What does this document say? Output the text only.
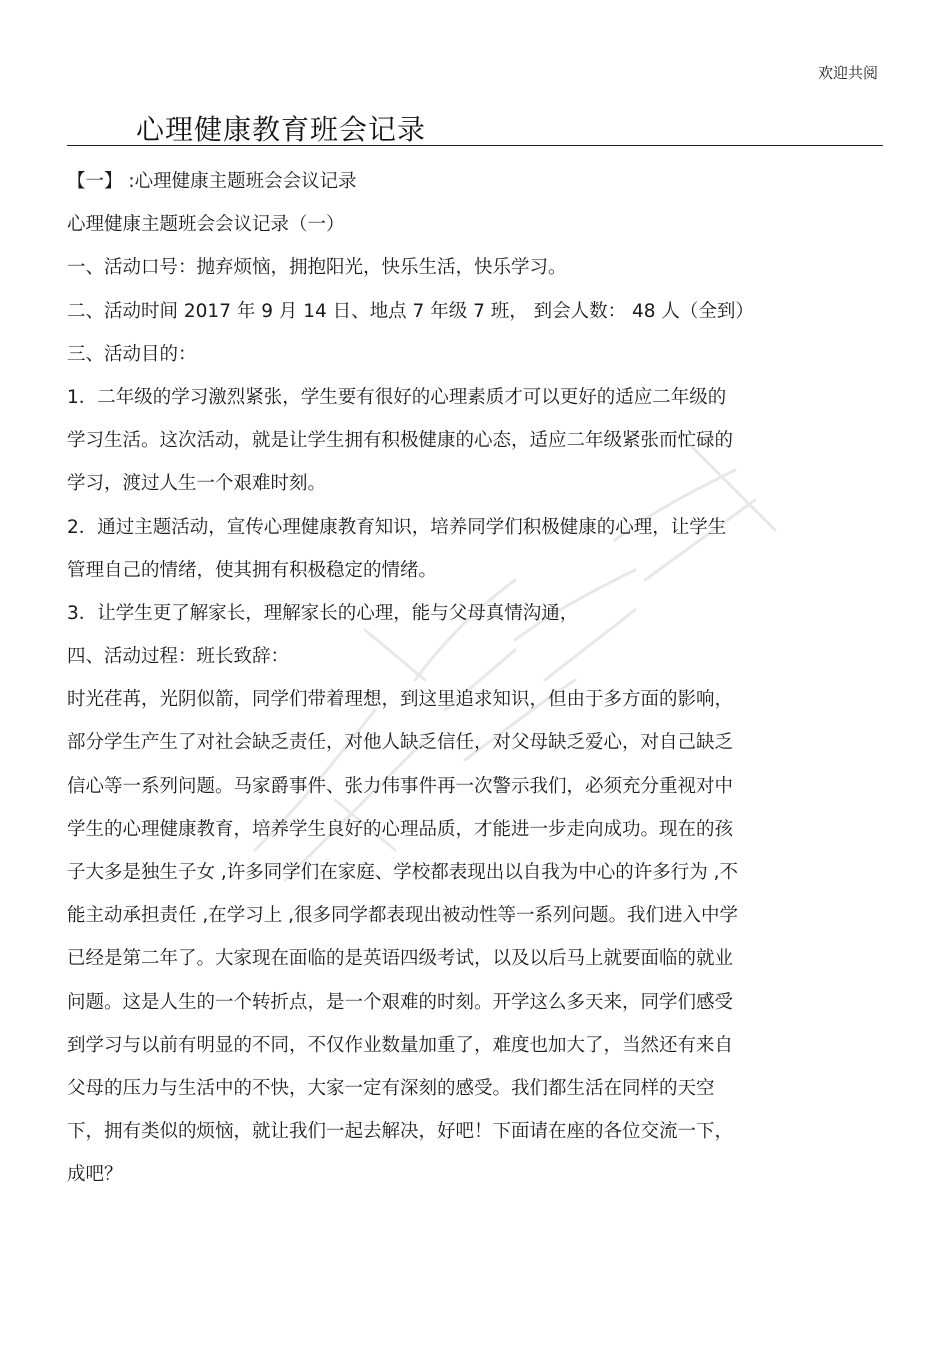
欢迎共阅
心理健康教育班会记录
【一】 :心理健康主题班会会议记录
心理健康主题班会会议记录（一）
一、活动口号：抛弃烦恼，拥抱阳光，快乐生活，快乐学习。
二、活动时间 2017 年 9 月 14 日、地点 7 年级 7 班， 到会人数： 48 人（全到）
三、活动目的：
1．二年级的学习激烈紧张，学生要有很好的心理素质才可以更好的适应二年级的
学习生活。这次活动，就是让学生拥有积极健康的心态，适应二年级紧张而忙碌的
学习，渡过人生一个艰难时刻。
2．通过主题活动，宣传心理健康教育知识，培养同学们积极健康的心理，让学生
管理自己的情绪，使其拥有积极稳定的情绪。
3．让学生更了解家长，理解家长的心理，能与父母真情沟通，
四、活动过程：班长致辞：
时光荏苒，光阴似箭，同学们带着理想，到这里追求知识，但由于多方面的影响，
部分学生产生了对社会缺乏责任，对他人缺乏信任，对父母缺乏爱心，对自己缺乏
信心等一系列问题。马家爵事件、张力伟事件再一次警示我们，必须充分重视对中
学生的心理健康教育，培养学生良好的心理品质，才能进一步走向成功。现在的孩
子大多是独生子女 ,许多同学们在家庭、学校都表现出以自我为中心的许多行为 ,不
能主动承担责任 ,在学习上 ,很多同学都表现出被动性等一系列问题。我们进入中学
已经是第二年了。大家现在面临的是英语四级考试，以及以后马上就要面临的就业
问题。这是人生的一个转折点，是一个艰难的时刻。开学这么多天来，同学们感受
到学习与以前有明显的不同，不仅作业数量加重了，难度也加大了，当然还有来自
父母的压力与生活中的不快，大家一定有深刻的感受。我们都生活在同样的天空
下，拥有类似的烦恼，就让我们一起去解决，好吧！下面请在座的各位交流一下，
成吧？
